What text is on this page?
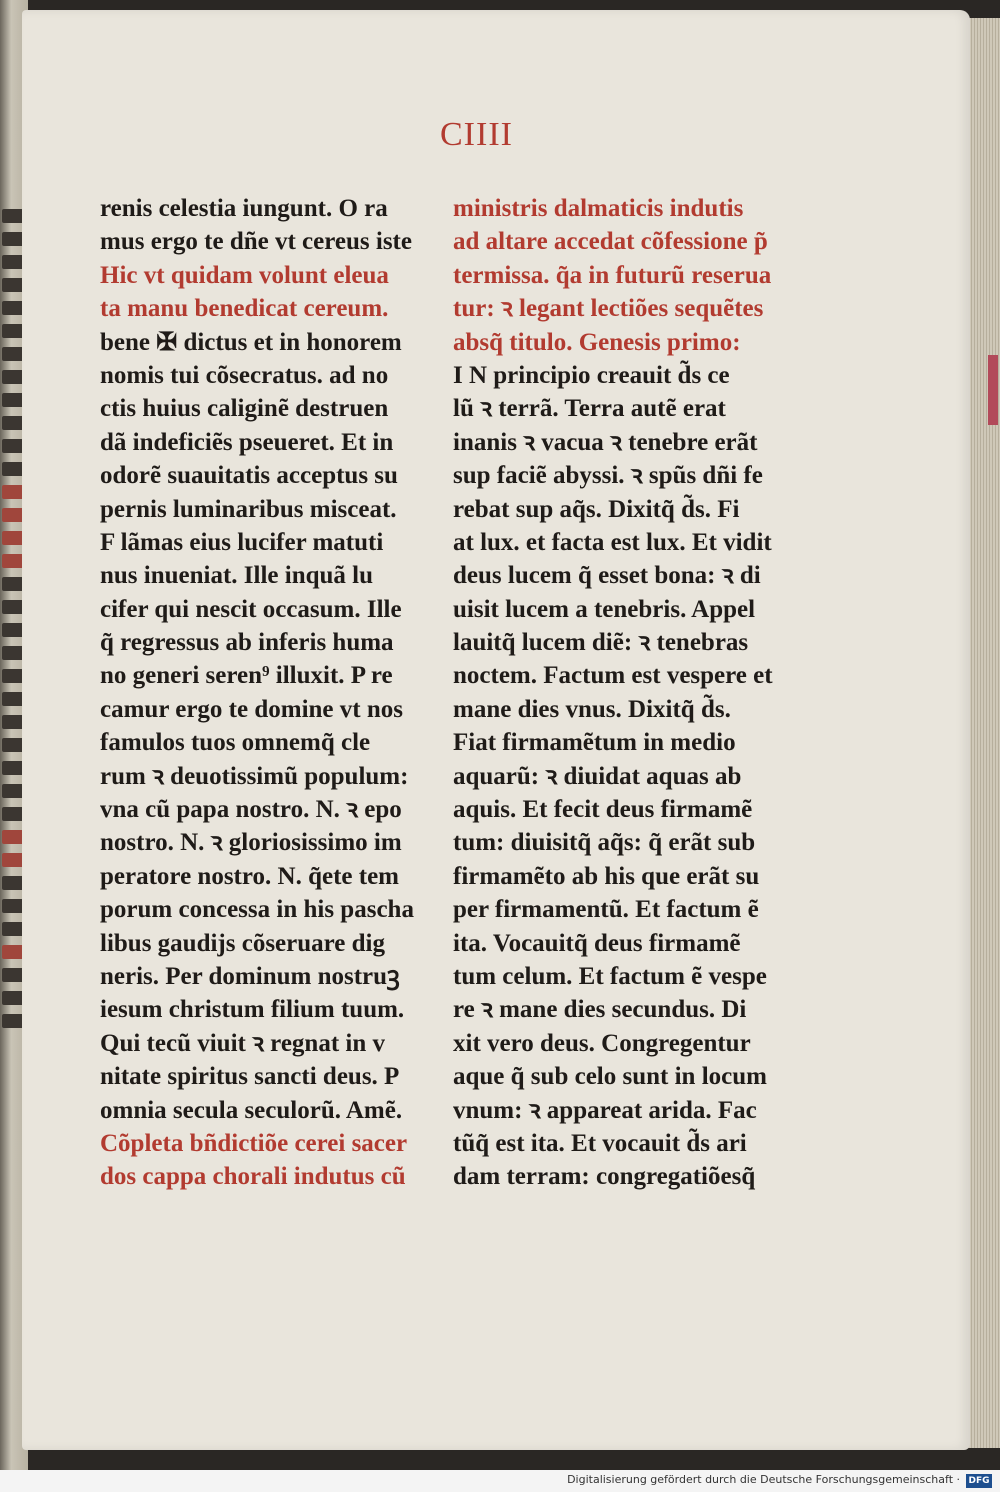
CIIII
renis celestia iungunt. O ra
mus ergo te dñe vt cereus iste
Hic vt quidam volunt eleua
ta manu benedicat cereum.
bene ✠ dictus et in honorem
nomis tui cõsecratus. ad no
ctis huius caliginẽ destruen
dã indeficiẽs pseueret. Et in
odorẽ suauitatis acceptus su
pernis luminaribus misceat.
F lãmas eius lucifer matuti
nus inueniat. Ille inquã lu
cifer qui nescit occasum. Ille
q̃ regressus ab inferis huma
no generi seren⁹ illuxit. P re
camur ergo te domine vt nos
famulos tuos omnemq̃ cle
rum ꝛ deuotissimũ populum:
vna cũ papa nostro. N. ꝛ epo
nostro. N. ꝛ gloriosissimo im
peratore nostro. N. q̃ete tem
porum concessa in his pascha
libus gaudijs cõseruare dig
neris. Per dominum nostruꝫ
iesum christum filium tuum.
Qui tecũ viuit ꝛ regnat in v
nitate spiritus sancti deus. P
omnia secula seculorũ. Amẽ.
Cõpleta bñdictiõe cerei sacer
dos cappa chorali indutus cũ
ministris dalmaticis indutis
ad altare accedat cõfessione p̃
termissa. q̃a in futurũ reserua
tur: ꝛ legant lectiões sequẽtes
absq̃ titulo. Genesis primo:
I N principio creauit d̃s ce
lũ ꝛ terrã. Terra autẽ erat
inanis ꝛ vacua ꝛ tenebre erãt
sup faciẽ abyssi. ꝛ spũs dñi fe
rebat sup aq̃s. Dixitq̃ d̃s. Fi
at lux. et facta est lux. Et vidit
deus lucem q̃ esset bona: ꝛ di
uisit lucem a tenebris. Appel
lauitq̃ lucem diẽ: ꝛ tenebras
noctem. Factum est vespere et
mane dies vnus. Dixitq̃ d̃s.
Fiat firmamẽtum in medio
aquarũ: ꝛ diuidat aquas ab
aquis. Et fecit deus firmamẽ
tum: diuisitq̃ aq̃s: q̃ erãt sub
firmamẽto ab his que erãt su
per firmamentũ. Et factum ẽ
ita. Vocauitq̃ deus firmamẽ
tum celum. Et factum ẽ vespe
re ꝛ mane dies secundus. Di
xit vero deus. Congregentur
aque q̃ sub celo sunt in locum
vnum: ꝛ appareat arida. Fac
tũq̃ est ita. Et vocauit d̃s ari
dam terram: congregatiõesq̃
Digitalisierung gefördert durch die Deutsche Forschungsgemeinschaft · DFG
